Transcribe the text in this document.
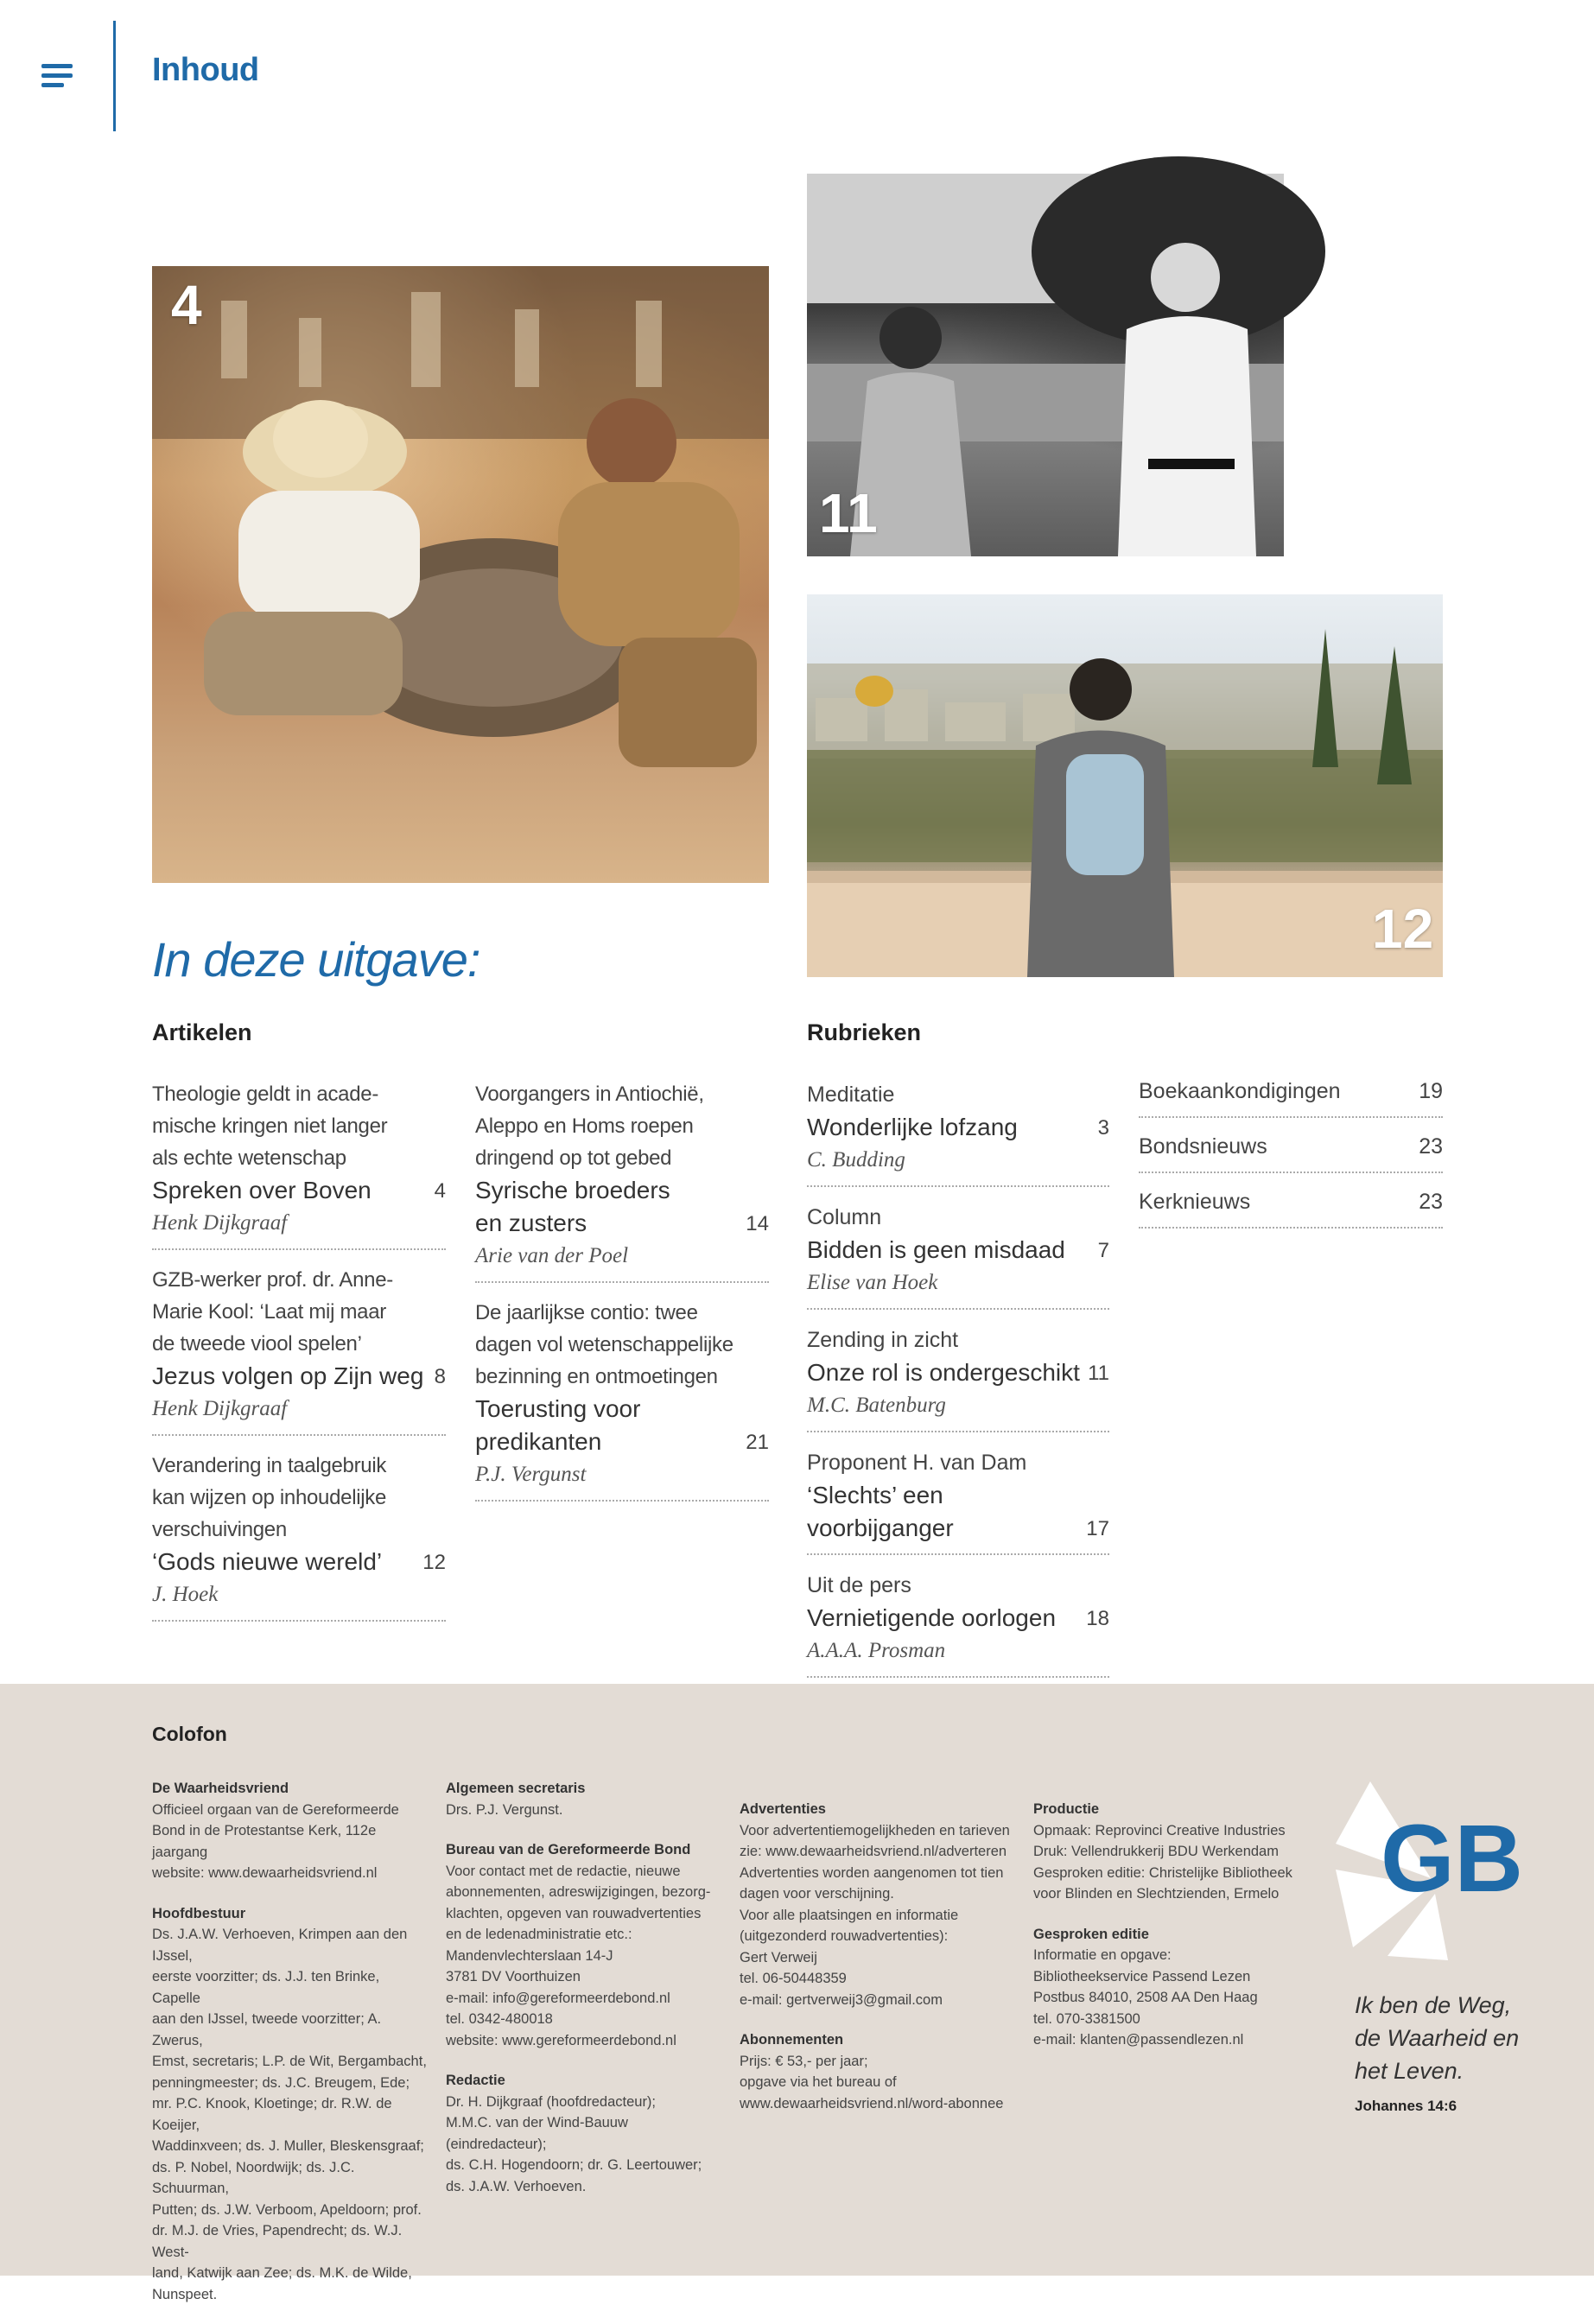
Inhoud
4
11
12
In deze uitgave:
Artikelen	Rubrieken
Theologie geldt in acade-
mische kringen niet langer
als echte wetenschap
Spreken over Boven	4
Henk Dijkgraaf
GZB-werker prof. dr. Anne-
Marie Kool: ‘Laat mij maar
de tweede viool spelen’
Jezus volgen op Zijn weg 8
Henk Dijkgraaf
Verandering in taalgebruik
kan wijzen op inhoudelijke
verschuivingen
‘Gods nieuwe wereld’ 12
J. Hoek
Voorgangers in Antiochië,
Aleppo en Homs roepen
dringend op tot gebed
Syrische broeders
en zusters	14
Arie van der Poel
De jaarlijkse contio: twee
dagen vol wetenschappelijke
bezinning en ontmoetingen
Toerusting voor
predikanten	21
P.J. Vergunst
Meditatie
Wonderlijke lofzang	3
C. Budding
Column
Bidden is geen misdaad 7
Elise van Hoek
Zending in zicht
Onze rol is ondergeschikt 11
M.C. Batenburg
Proponent H. van Dam
‘Slechts’ een
voorbijganger	17
Uit de pers
Vernietigende oorlogen 18
A.A.A. Prosman
Boekaankondigingen	19
Bondsnieuws	23
Kerknieuws	23
Colofon

De Waarheidsvriend

Officieel orgaan van de Gereformeerde

Bond in de Protestantse Kerk, 112e jaargang

website: www.dewaarheidsvriend.nl

Hoofdbestuur

Ds. J.A.W. Verhoeven, Krimpen aan den IJssel,

eerste voorzitter; ds. J.J. ten Brinke, Capelle

aan den IJssel, tweede voorzitter; A. Zwerus,

Emst, secretaris; L.P. de Wit, Bergambacht,

penningmeester; ds. J.C. Breugem, Ede;

mr. P.C. Knook, Kloetinge; dr. R.W. de Koeijer,

Waddinxveen; ds. J. Muller, Bleskensgraaf;

ds. P. Nobel, Noordwijk; ds. J.C. Schuurman,

Putten; ds. J.W. Verboom, Apeldoorn; prof.

dr. M.J. de Vries, Papendrecht; ds. W.J. West-

land, Katwijk aan Zee; ds. M.K. de Wilde,

Nunspeet.

Algemeen secretaris

Drs. P.J. Vergunst.

Bureau van de Gereformeerde Bond

Voor contact met de redactie, nieuwe

abonnementen, adreswijzigingen, bezorg-

klachten, opgeven van rouwadvertenties

en de ledenadministratie etc.:

Mandenvlechterslaan 14-J

3781 DV Voorthuizen

e-mail: info@gereformeerdebond.nl

tel. 0342-480018

website: www.gereformeerdebond.nl

Redactie

Dr. H. Dijkgraaf (hoofdredacteur);

M.M.C. van der Wind-Bauuw (eindredacteur);

ds. C.H. Hogendoorn; dr. G. Leertouwer;

ds. J.A.W. Verhoeven.

Advertenties

Voor advertentiemogelijkheden en tarieven

zie: www.dewaarheidsvriend.nl/adverteren

Advertenties worden aangenomen tot tien

dagen voor verschijning.

Voor alle plaatsingen en informatie

(uitgezonderd rouwadvertenties):

Gert Verweij

tel. 06-50448359

e-mail: gertverweij3@gmail.com

Abonnementen

Prijs: € 53,- per jaar;

opgave via het bureau of

www.dewaarheidsvriend.nl/word-abonnee

Productie

Opmaak: Reprovinci Creative Industries

Druk: Vellendrukkerij BDU Werkendam

Gesproken editie: Christelijke Bibliotheek

voor Blinden en Slechtzienden, Ermelo

Gesproken editie

Informatie en opgave:

Bibliotheekservice Passend Lezen

Postbus 84010, 2508 AA Den Haag

tel. 070-3381500

e-mail: klanten@passendlezen.nl

GB
Ik ben de Weg,
de Waarheid en
het Leven.
Johannes 14:6
